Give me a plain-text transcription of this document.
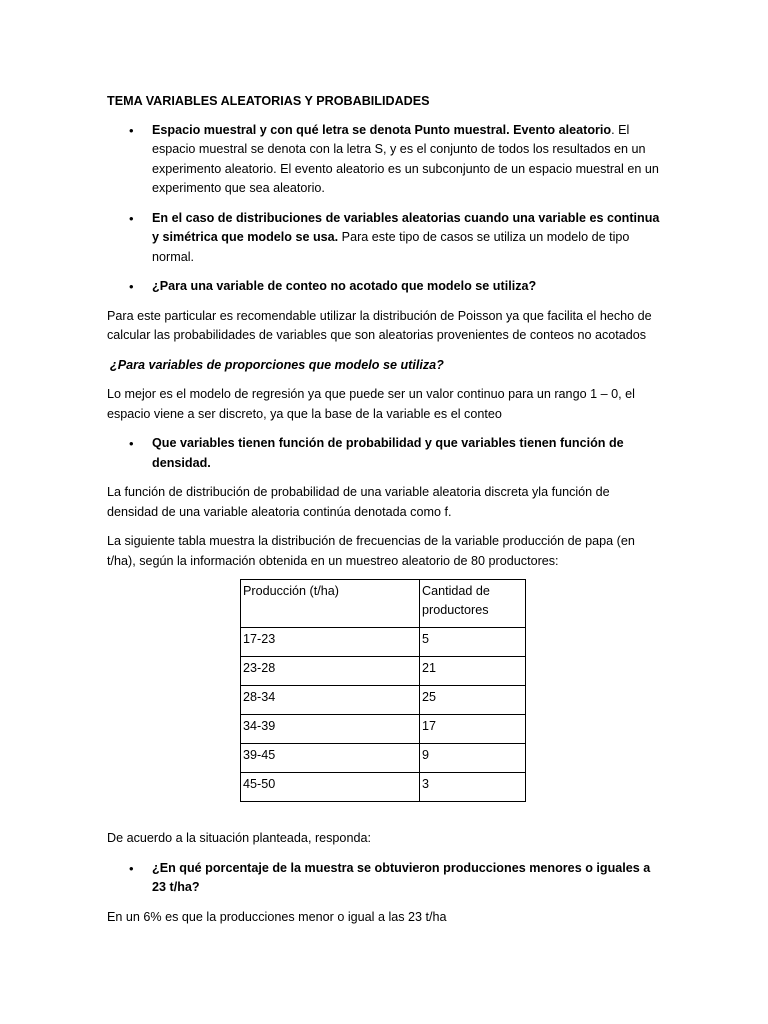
TEMA VARIABLES ALEATORIAS Y PROBABILIDADES

• Espacio muestral y con qué letra se denota Punto muestral. Evento aleatorio. El espacio muestral se denota con la letra S, y es el conjunto de todos los resultados en un experimento aleatorio. El evento aleatorio es un subconjunto de un espacio muestral en un experimento que sea aleatorio.
• En el caso de distribuciones de variables aleatorias cuando una variable es continua y simétrica que modelo se usa. Para este tipo de casos se utiliza un modelo de tipo normal.
• ¿Para una variable de conteo no acotado que modelo se utiliza?

Para este particular es recomendable utilizar la distribución de Poisson ya que facilita el hecho de calcular las probabilidades de variables que son aleatorias provenientes de conteos no acotados

¿Para variables de proporciones que modelo se utiliza?

Lo mejor es el modelo de regresión ya que puede ser un valor continuo para un rango 1 – 0, el espacio viene a ser discreto, ya que la base de la variable es el conteo

• Que variables tienen función de probabilidad y que variables tienen función de densidad.

La función de distribución de probabilidad de una variable aleatoria discreta yla función de densidad de una variable aleatoria continúa denotada como f.

La siguiente tabla muestra la distribución de frecuencias de la variable producción de papa (en t/ha), según la información obtenida en un muestreo aleatorio de 80 productores:

Producción (t/ha)	Cantidad de productores
17-23	5
23-28	21
28-34	25
34-39	17
39-45	9
45-50	3

De acuerdo a la situación planteada, responda:

• ¿En qué porcentaje de la muestra se obtuvieron producciones menores o iguales a 23 t/ha?

En un 6% es que la producciones menor o igual a las 23 t/ha
